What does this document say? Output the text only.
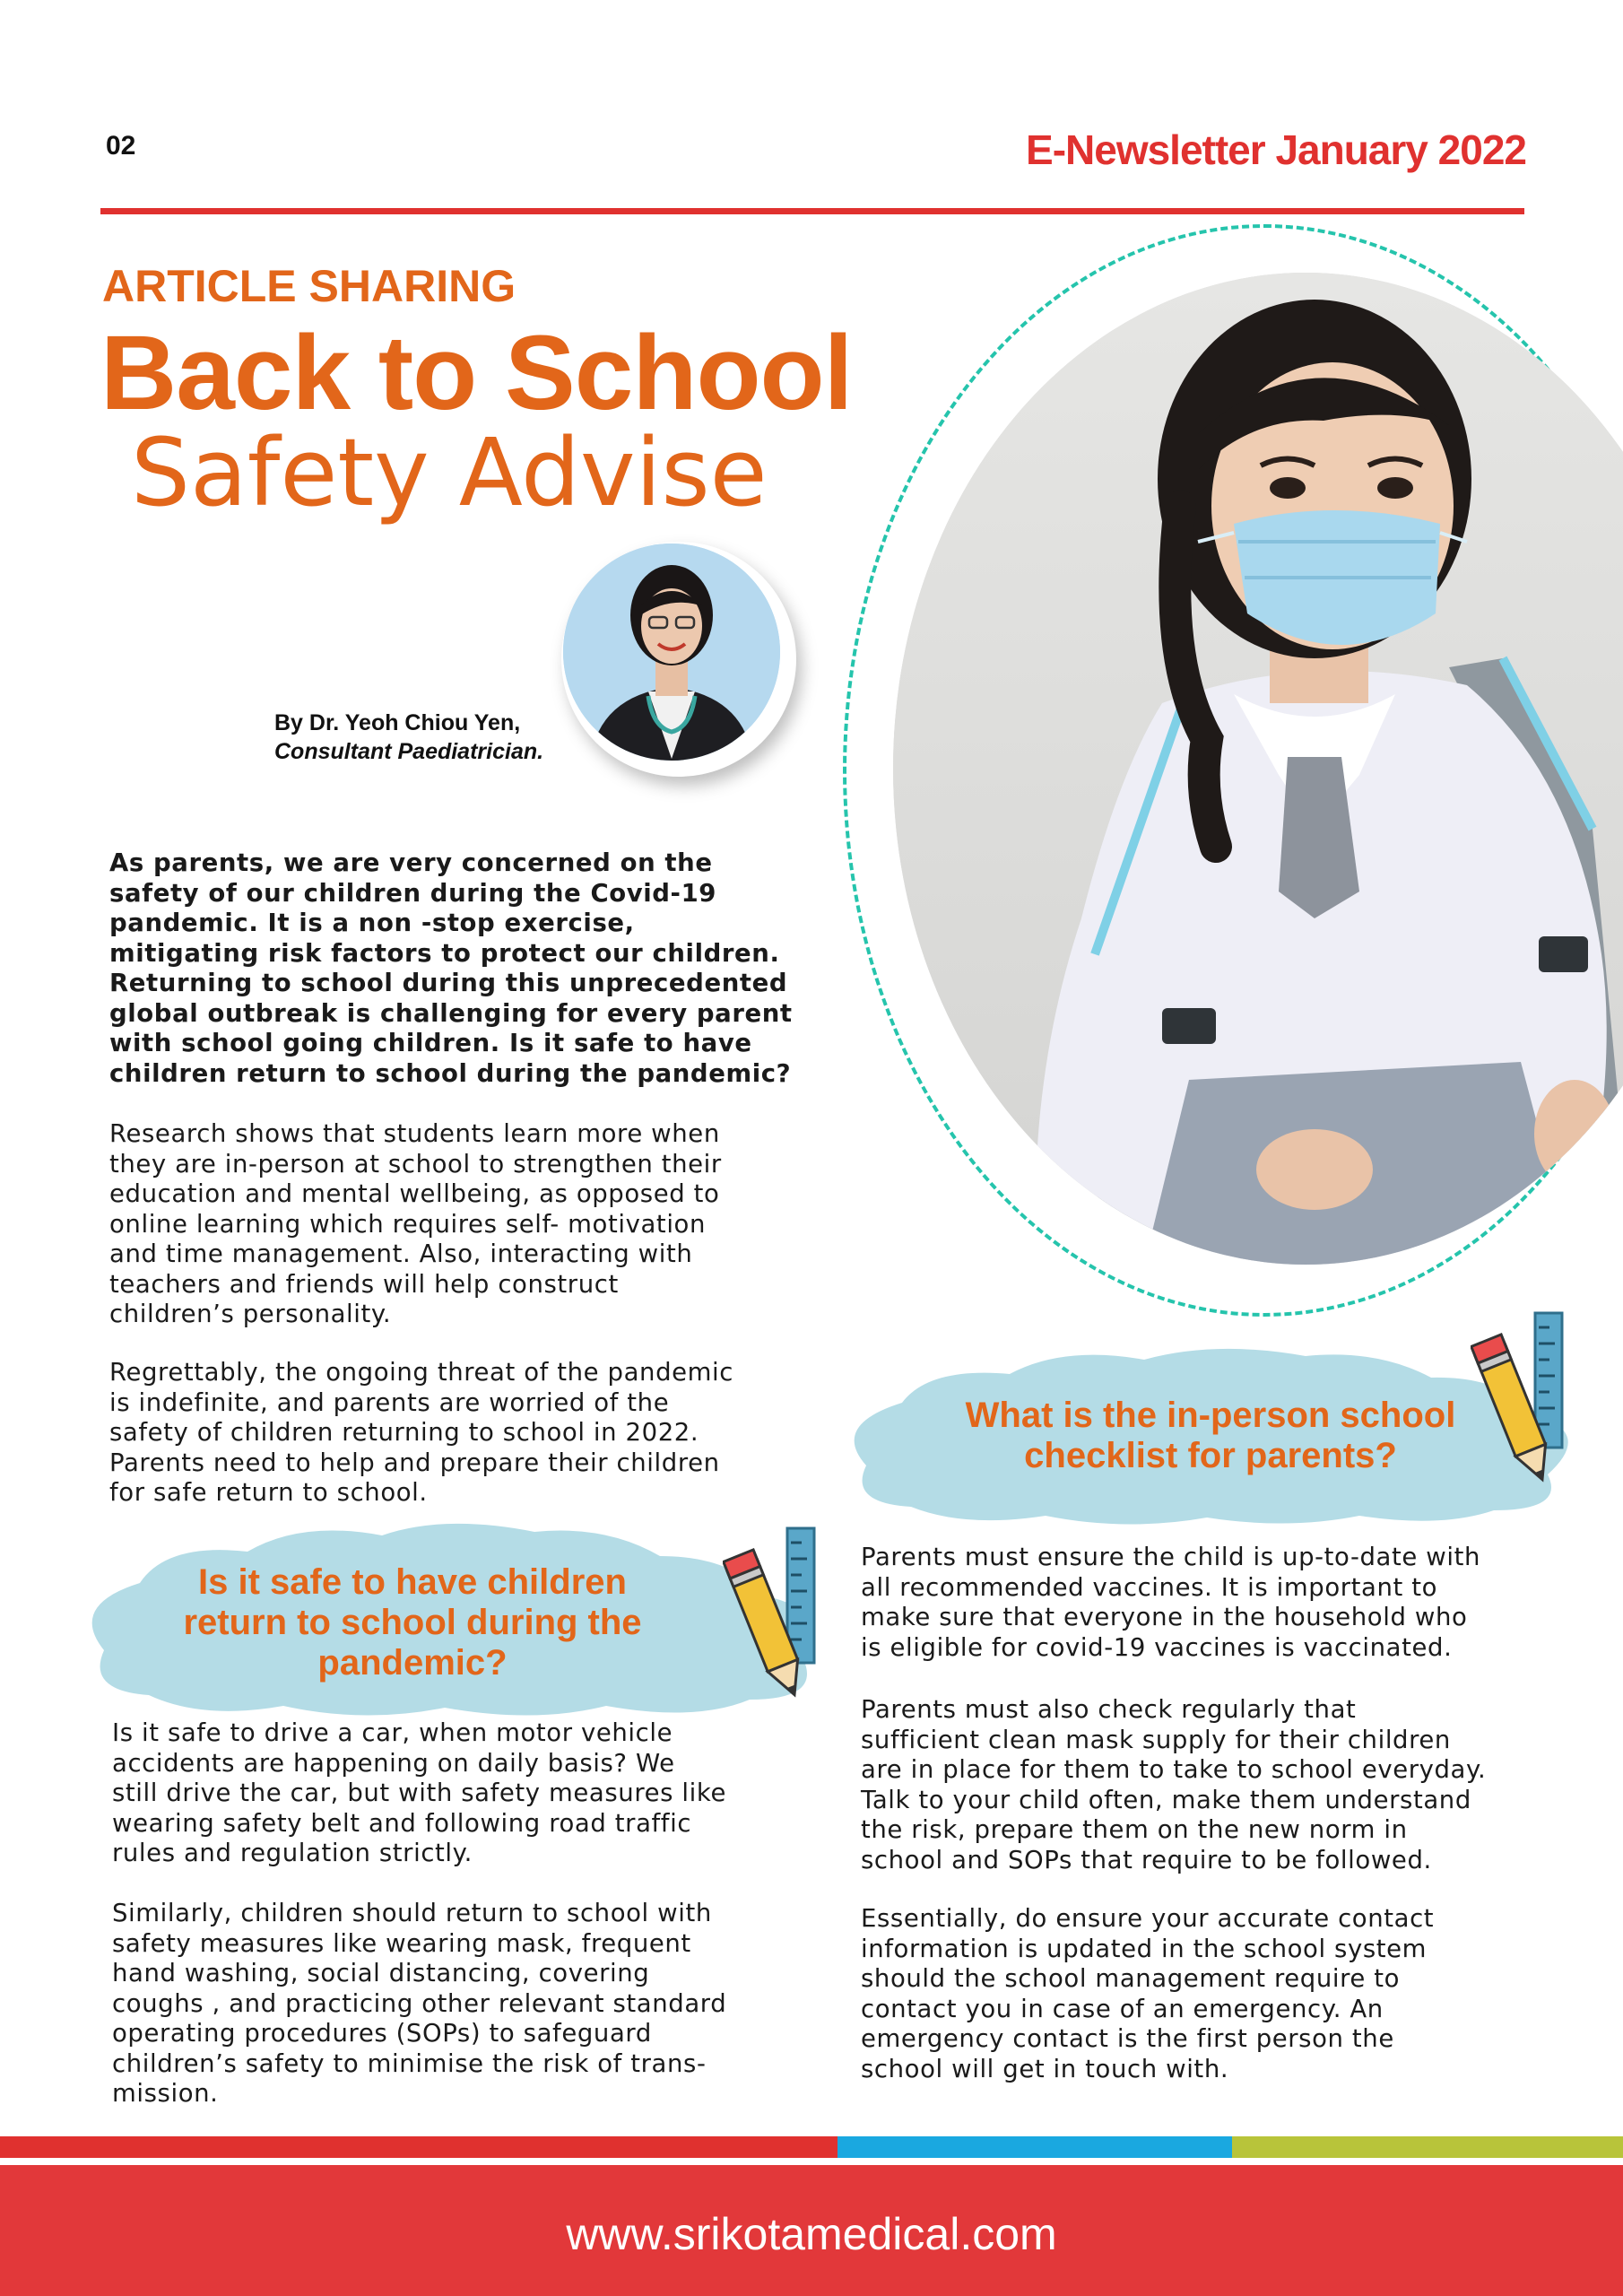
02	E-Newsletter January 2022
ARTICLE SHARING
Back to School
Safety Advise
By Dr. Yeoh Chiou Yen,
Consultant Paediatrician.
As parents, we are very concerned on the
safety of our children during the Covid-19
pandemic. It is a non -stop exercise,
mitigating risk factors to protect our children.
Returning to school during this unprecedented
global outbreak is challenging for every parent
with school going children. Is it safe to have
children return to school during the pandemic?
Research shows that students learn more when
they are in-person at school to strengthen their
education and mental wellbeing, as opposed to
online learning which requires self- motivation
and time management. Also, interacting with
teachers and friends will help construct
children’s personality.
Regrettably, the ongoing threat of the pandemic
is indefinite, and parents are worried of the
safety of children returning to school in 2022.
Parents need to help and prepare their children
for safe return to school.
Is it safe to have children
return to school during the
pandemic?
Is it safe to drive a car, when motor vehicle
accidents are happening on daily basis? We
still drive the car, but with safety measures like
wearing safety belt and following road traffic
rules and regulation strictly.
Similarly, children should return to school with
safety measures like wearing mask, frequent
hand washing, social distancing, covering
coughs , and practicing other relevant standard
operating procedures (SOPs) to safeguard
children’s safety to minimise the risk of trans-
mission.
What is the in-person school
checklist for parents?
Parents must ensure the child is up-to-date with
all recommended vaccines. It is important to
make sure that everyone in the household who
is eligible for covid-19 vaccines is vaccinated.
Parents must also check regularly that
sufficient clean mask supply for their children
are in place for them to take to school everyday.
Talk to your child often, make them understand
the risk, prepare them on the new norm in
school and SOPs that require to be followed.
Essentially, do ensure your accurate contact
information is updated in the school system
should the school management require to
contact you in case of an emergency. An
emergency contact is the first person the
school will get in touch with.
www.srikotamedical.com
